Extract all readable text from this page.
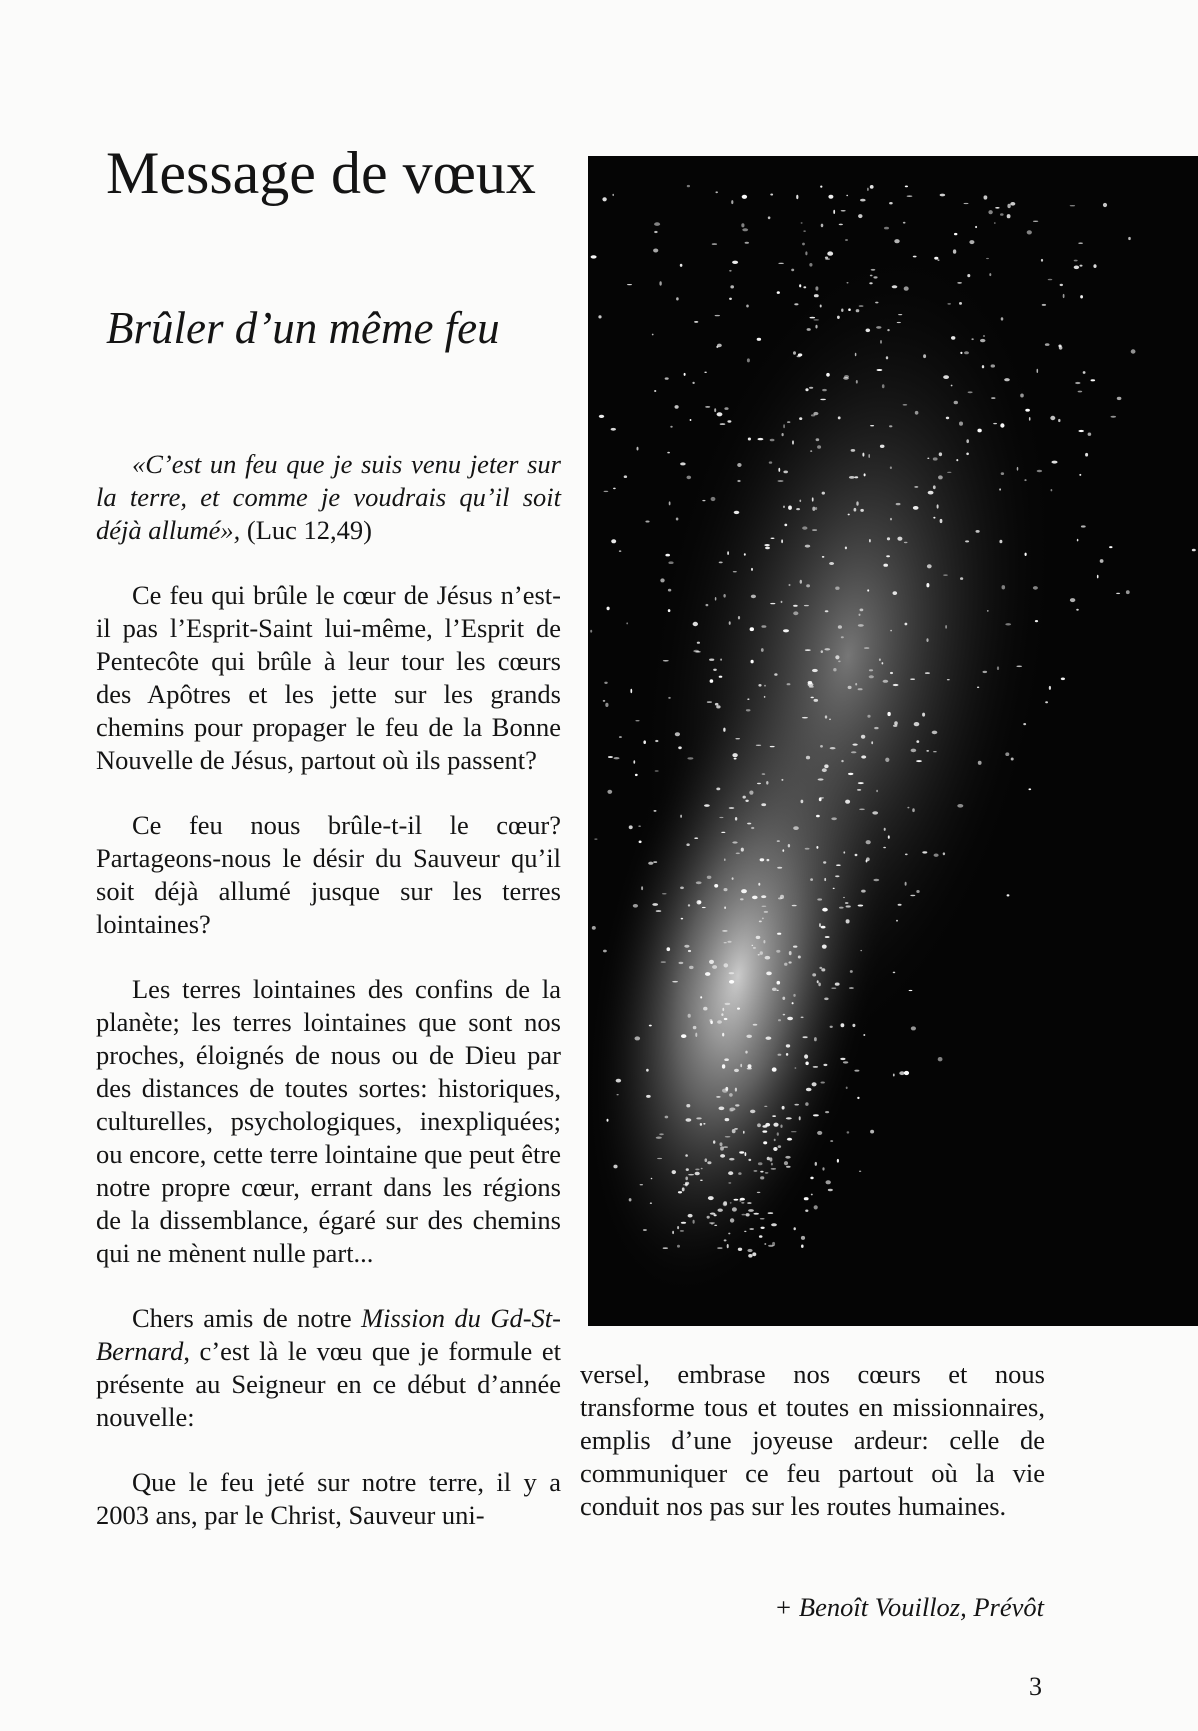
Message de vœux
Brûler d’un même feu

«C’est un feu que je suis venu jeter sur la terre, et comme je voudrais qu’il soit déjà allumé», (Luc 12,49)

Ce feu qui brûle le cœur de Jésus n’est-il pas l’Esprit-Saint lui-même, l’Esprit de Pentecôte qui brûle à leur tour les cœurs des Apôtres et les jette sur les grands chemins pour propager le feu de la Bonne Nouvelle de Jésus, partout où ils passent?

Ce feu nous brûle-t-il le cœur? Partageons-nous le désir du Sauveur qu’il soit déjà allumé jusque sur les terres lointaines?

Les terres lointaines des confins de la planète; les terres lointaines que sont nos proches, éloignés de nous ou de Dieu par des distances de toutes sortes: historiques, culturelles, psychologiques, inexpliquées; ou encore, cette terre lointaine que peut être notre propre cœur, errant dans les régions de la dissemblance, égaré sur des chemins qui ne mènent nulle part...

Chers amis de notre Mission du Gd-St-Bernard, c’est là le vœu que je formule et présente au Seigneur en ce début d’année nouvelle:

Que le feu jeté sur notre terre, il y a 2003 ans, par le Christ, Sauveur uni-

versel, embrase nos cœurs et nous transforme tous et toutes en missionnaires, emplis d’une joyeuse ardeur: celle de communiquer ce feu partout où la vie conduit nos pas sur les routes humaines.

+ Benoît Vouilloz, Prévôt
3
